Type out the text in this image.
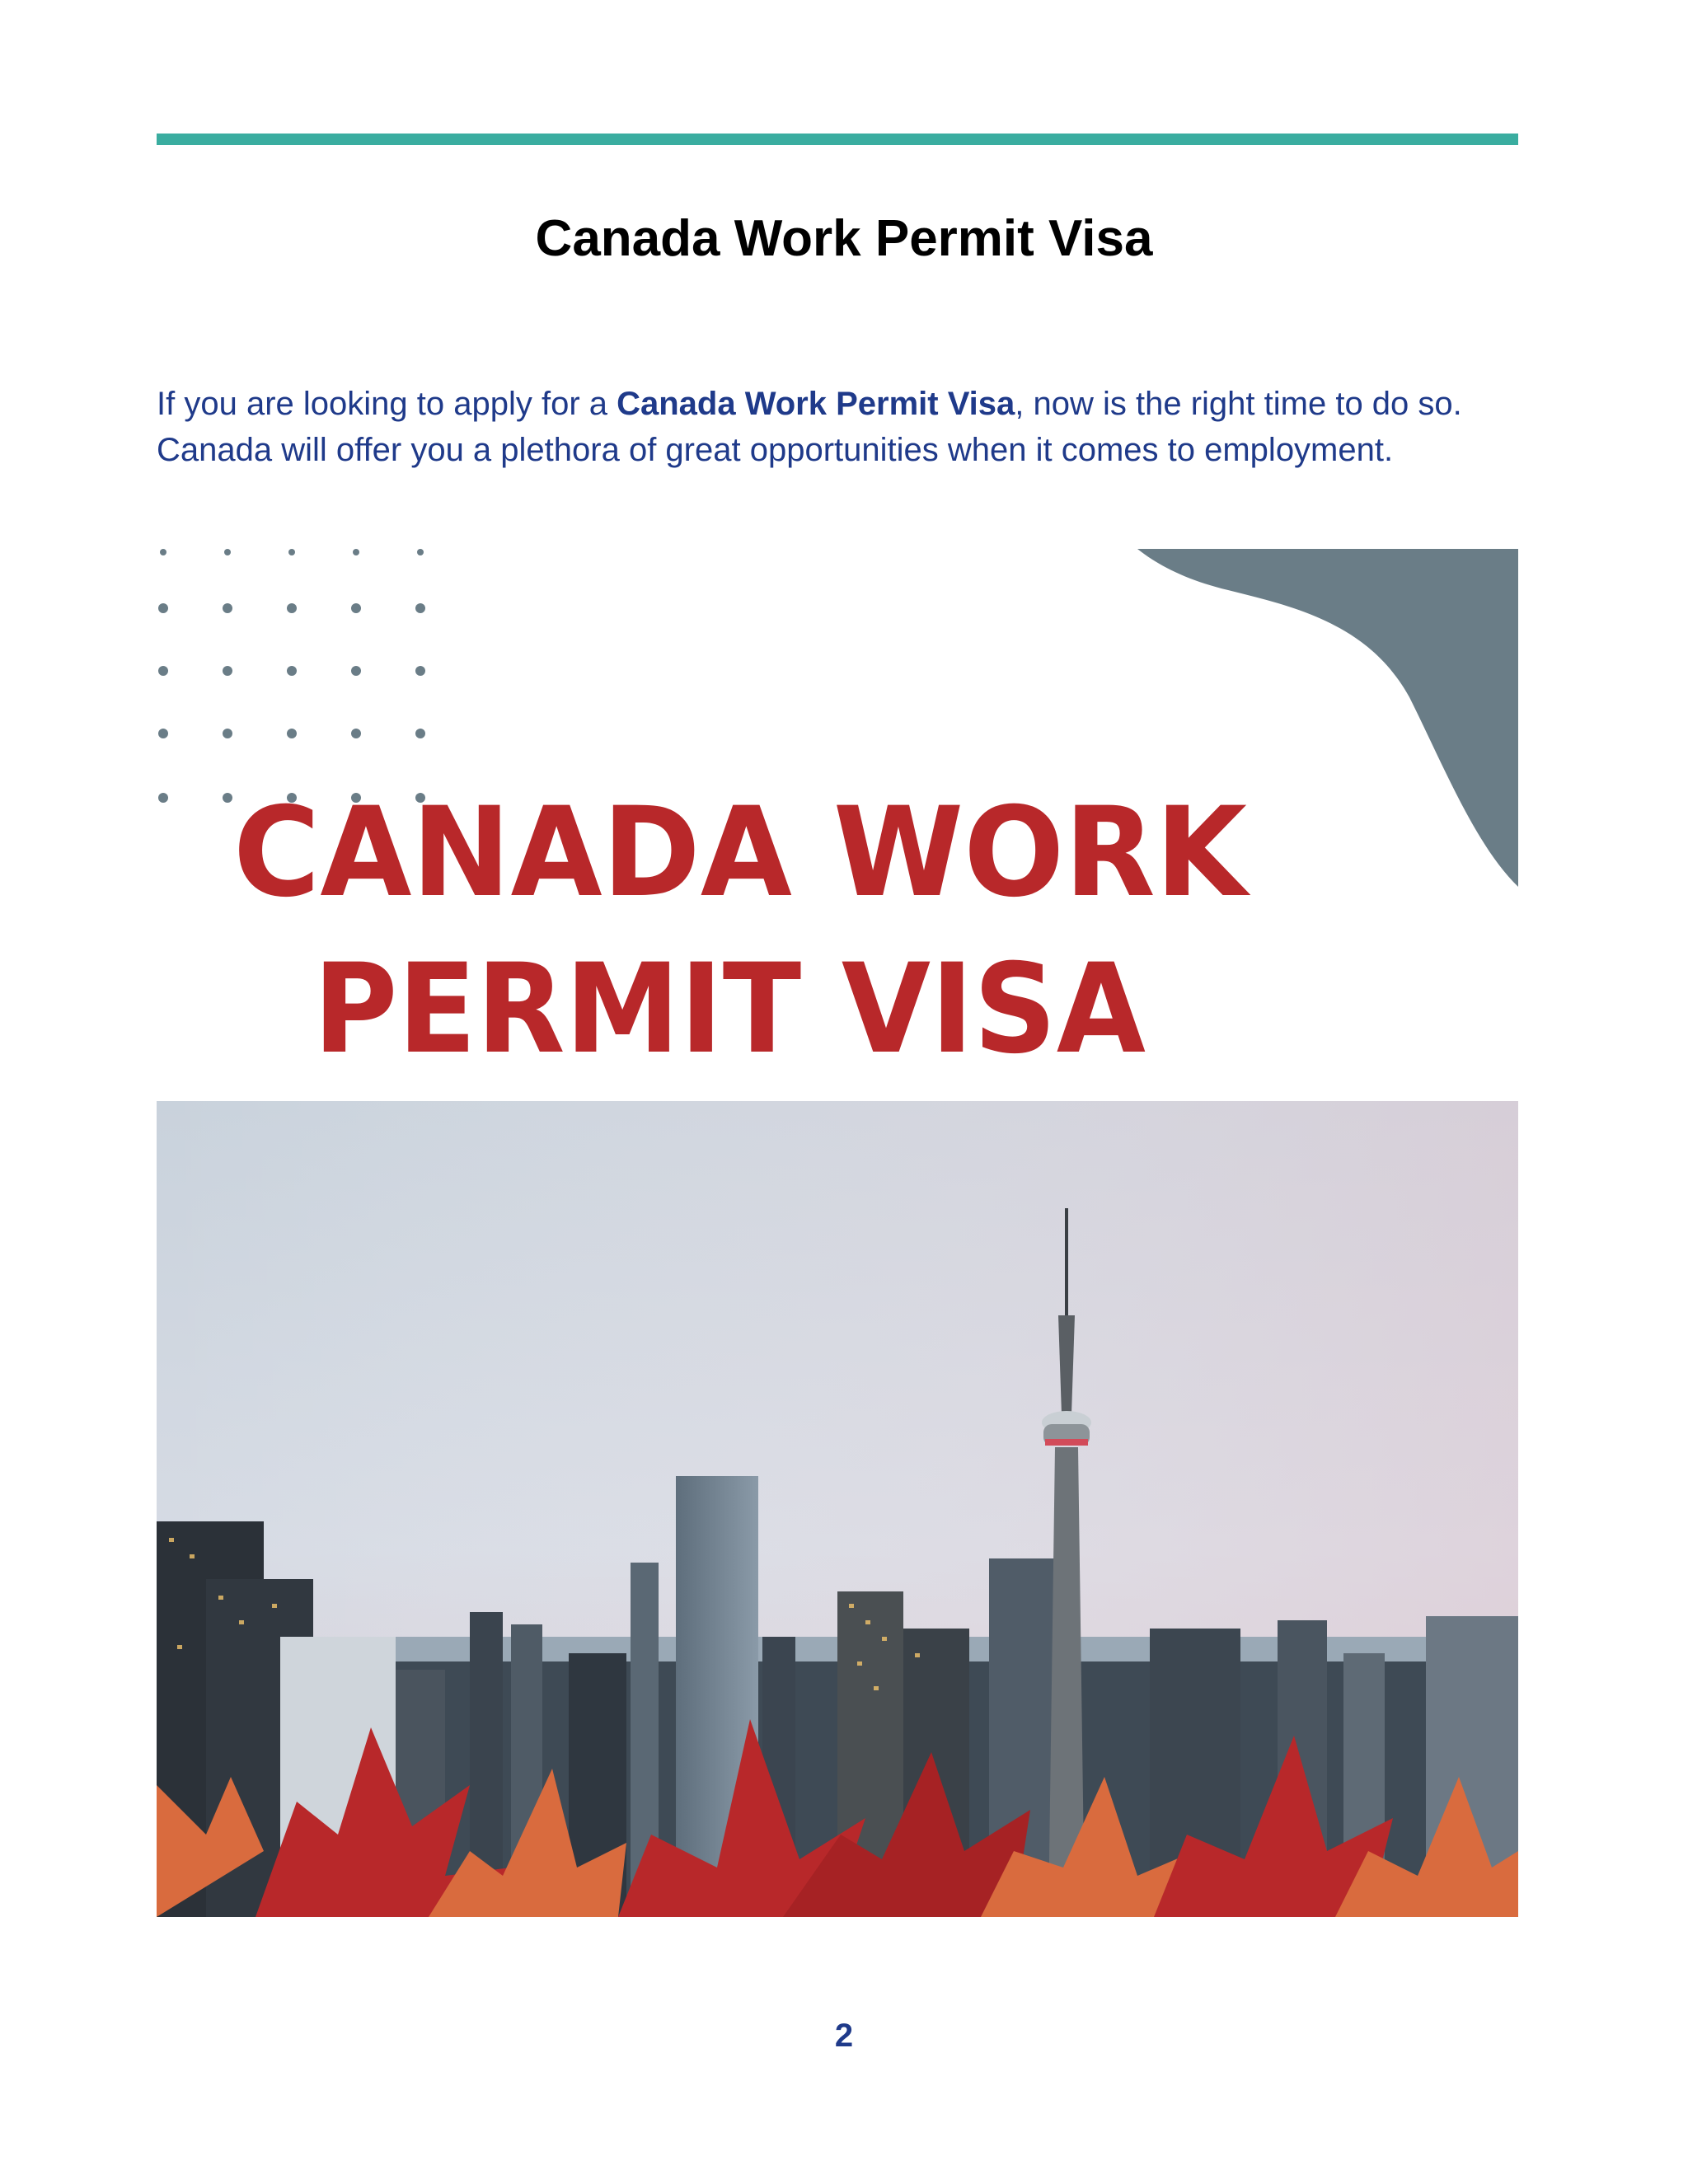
Canada Work Permit Visa

If you are looking to apply for a Canada Work Permit Visa, now is the right time to do so. Canada will offer you a plethora of great opportunities when it comes to employment.

CANADA WORK
PERMIT VISA
2
